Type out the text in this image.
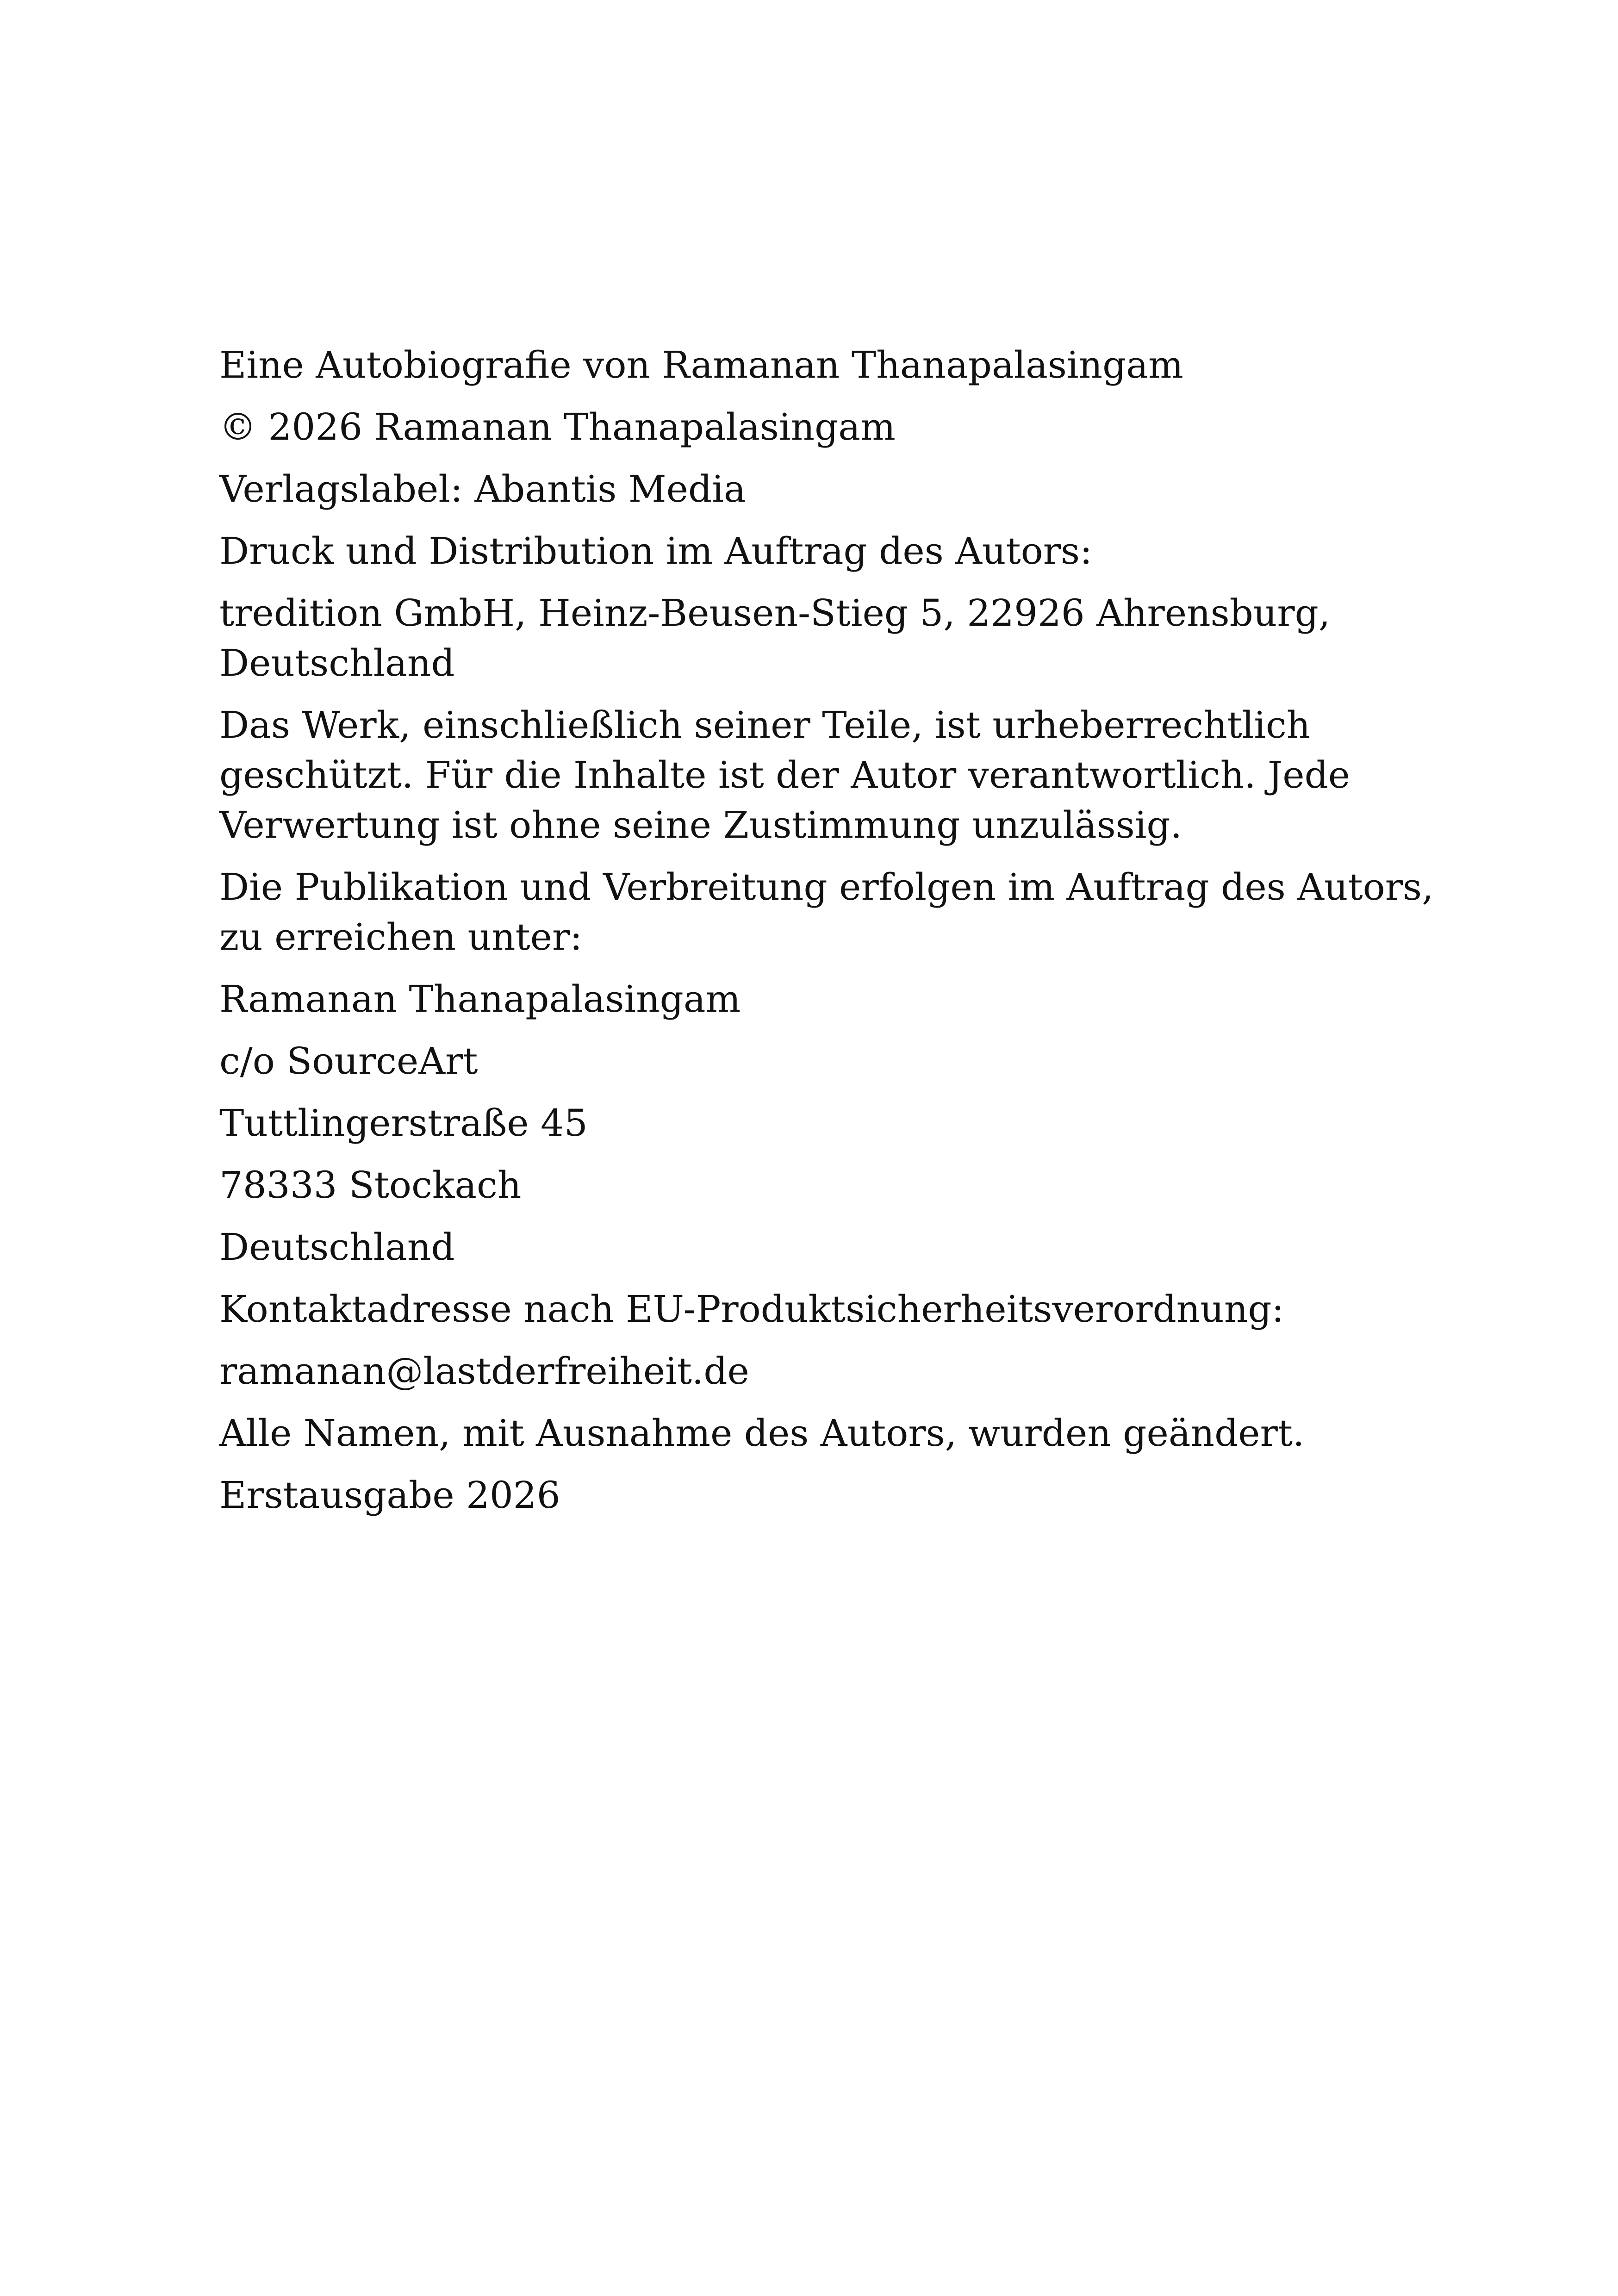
Eine Autobiografie von Ramanan Thanapalasingam

© 2026 Ramanan Thanapalasingam

Verlagslabel: Abantis Media

Druck und Distribution im Auftrag des Autors:

tredition GmbH, Heinz-Beusen-Stieg 5, 22926 Ahrensburg, Deutschland

Das Werk, einschließlich seiner Teile, ist urheberrechtlich geschützt. Für die Inhalte ist der Autor verantwortlich. Jede Verwertung ist ohne seine Zustimmung unzulässig.

Die Publikation und Verbreitung erfolgen im Auftrag des Autors, zu erreichen unter:

Ramanan Thanapalasingam

c/o SourceArt

Tuttlingerstraße 45

78333 Stockach

Deutschland

Kontaktadresse nach EU-Produktsicherheitsverordnung:

ramanan@lastderfreiheit.de

Alle Namen, mit Ausnahme des Autors, wurden geändert.

Erstausgabe 2026
